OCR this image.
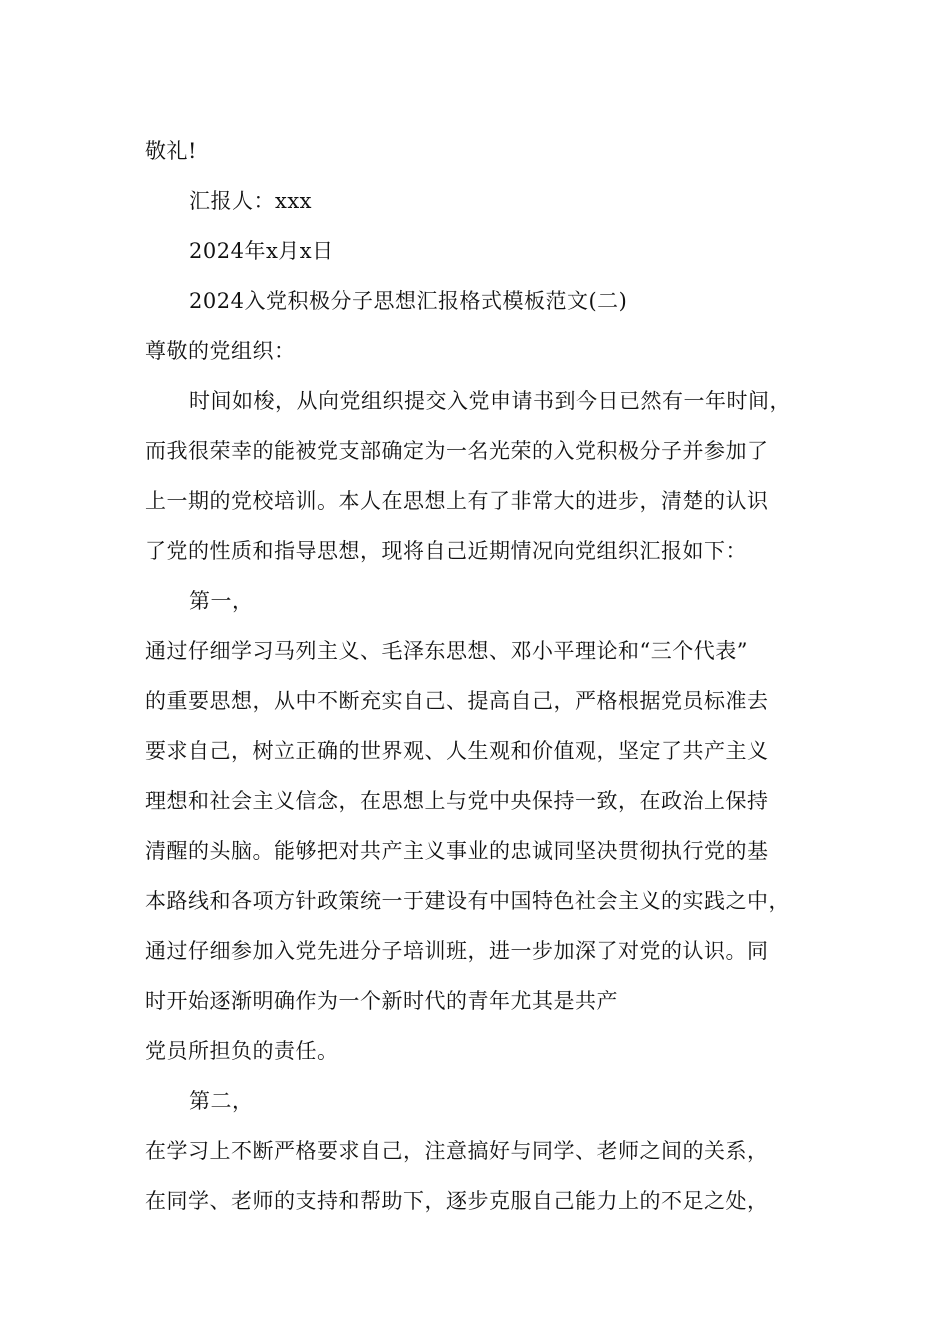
敬礼!
汇报人：xxx
2024年x月x日
2024入党积极分子思想汇报格式模板范文(二)
尊敬的党组织：
时间如梭，从向党组织提交入党申请书到今日已然有一年时间，
而我很荣幸的能被党支部确定为一名光荣的入党积极分子并参加了
上一期的党校培训。本人在思想上有了非常大的进步，清楚的认识
了党的性质和指导思想，现将自己近期情况向党组织汇报如下：
第一，
通过仔细学习马列主义、毛泽东思想、邓小平理论和“三个代表”
的重要思想，从中不断充实自己、提高自己，严格根据党员标准去
要求自己，树立正确的世界观、人生观和价值观，坚定了共产主义
理想和社会主义信念，在思想上与党中央保持一致，在政治上保持
清醒的头脑。能够把对共产主义事业的忠诚同坚决贯彻执行党的基
本路线和各项方针政策统一于建设有中国特色社会主义的实践之中，
通过仔细参加入党先进分子培训班，进一步加深了对党的认识。同
时开始逐渐明确作为一个新时代的青年尤其是共产
党员所担负的责任。
第二，
在学习上不断严格要求自己，注意搞好与同学、老师之间的关系，
在同学、老师的支持和帮助下，逐步克服自己能力上的不足之处，
